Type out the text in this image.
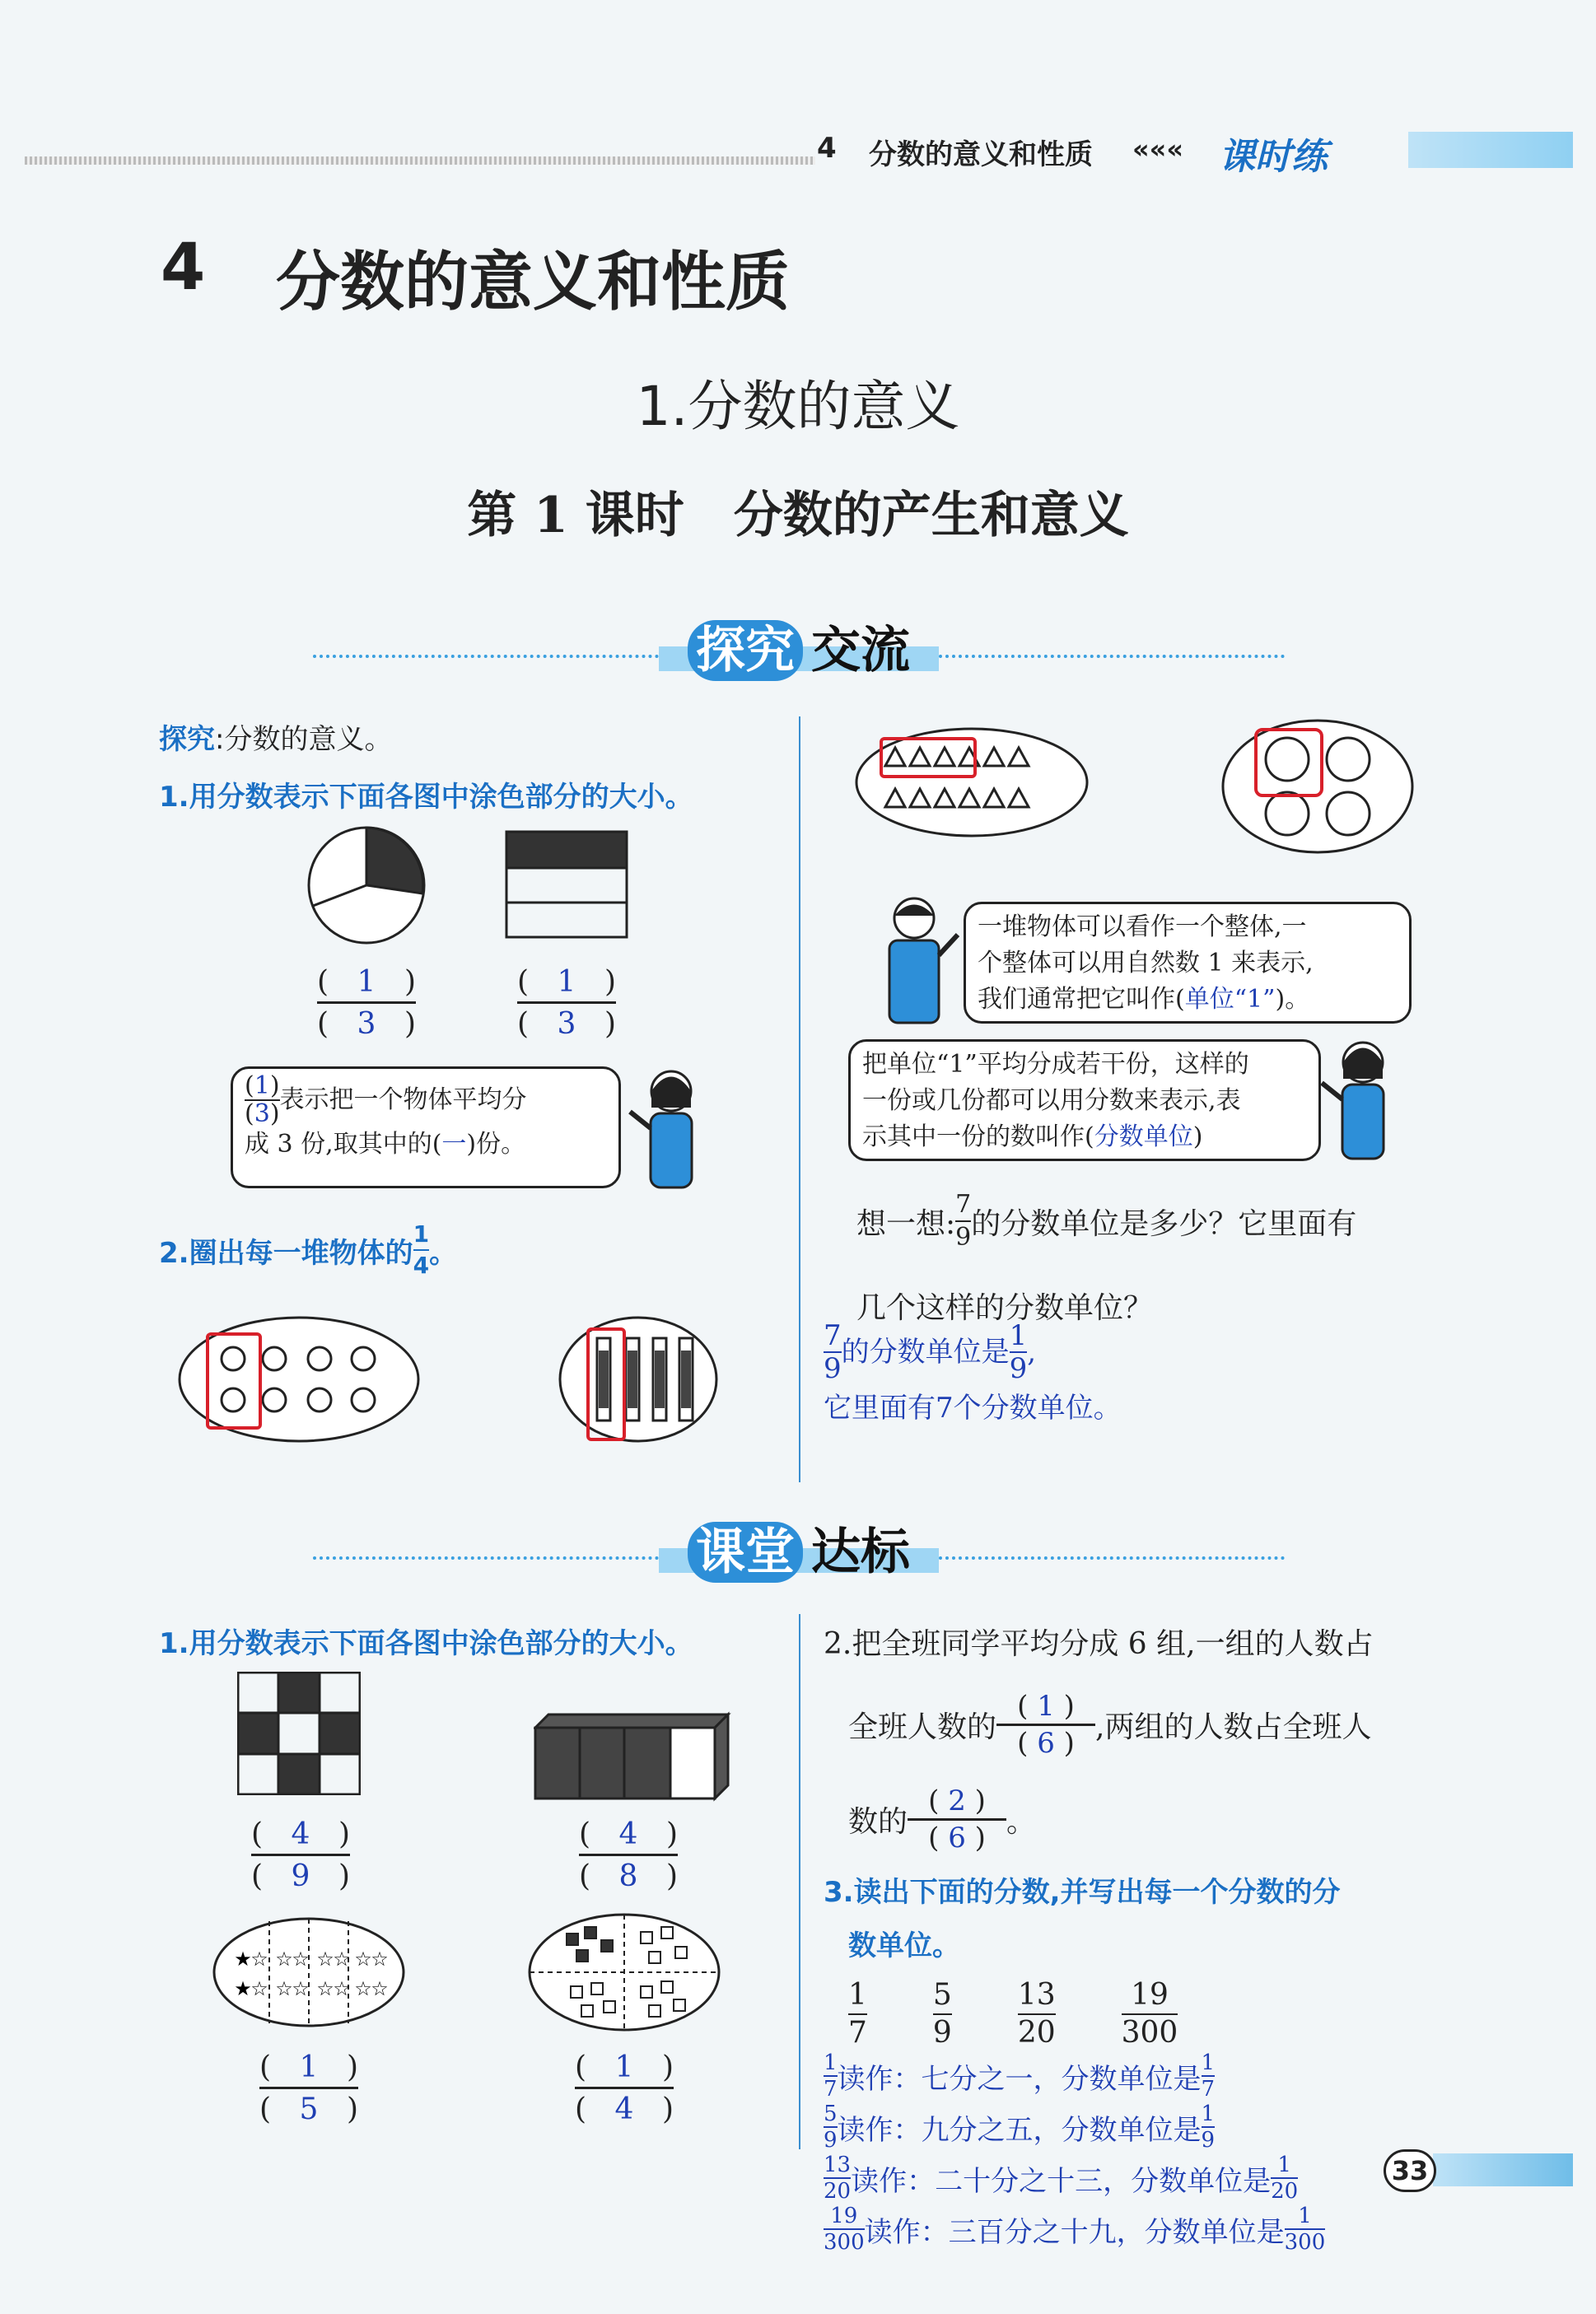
4 分数的意义和性质 ««« 课时练
4 分数的意义和性质
1.分数的意义
第 1 课时　分数的产生和意义
探究 交流
探究:分数的意义。
1.用分数表示下面各图中涂色部分的大小。
( 1 )
( 3 )
( 1 )
( 3 )
$\frac{(1)}{(3)}$ 表示把一个物体平均分
成 3 份,取其中的(一)份。
2.圈出每一堆物体的 $\frac{1}{4}$ 。
一堆物体可以看作一个整体,一
个整体可以用自然数 1 来表示,
我们通常把它叫作(单位“1”)。
把单位“1”平均分成若干份，这样的
一份或几份都可以用分数来表示,表
示其中一份的数叫作(分数单位)
想一想: $\frac{7}{9}$ 的分数单位是多少？它里面有
几个这样的分数单位？
$\frac{7}{9}$ 的分数单位是 $\frac{1}{9}$ ,
它里面有7个分数单位。
课堂 达标
1.用分数表示下面各图中涂色部分的大小。
( 4 )
( 9 )
( 4 )
( 8 )
★
☆ ☆
☆ ☆
☆ ☆
☆
★
☆ ☆
☆ ☆
☆ ☆
☆
( 1 )
( 5 )
( 1 )
( 4 )
2.把全班同学平均分成 6 组,一组的人数占
全班人数的 $\frac{( 1 )}{( 6 )}$ ,两组的人数占全班人
数的 $\frac{( 2 )}{( 6 )}$ 。
3.读出下面的分数,并写出每一个分数的分
数单位。
$\frac{1}{7} \frac{5}{9} \frac{13}{20} \frac{19}{300}$
$\frac{1}{7}$ 读作：七分之一，分数单位是 $\frac{1}{7}$
$\frac{5}{9}$ 读作：九分之五，分数单位是 $\frac{1}{9}$
$\frac{13}{20}$ 读作：二十分之十三，分数单位是 $\frac{1}{20}$
$\frac{19}{300}$ 读作：三百分之十九，分数单位是 $\frac{1}{300}$
33
